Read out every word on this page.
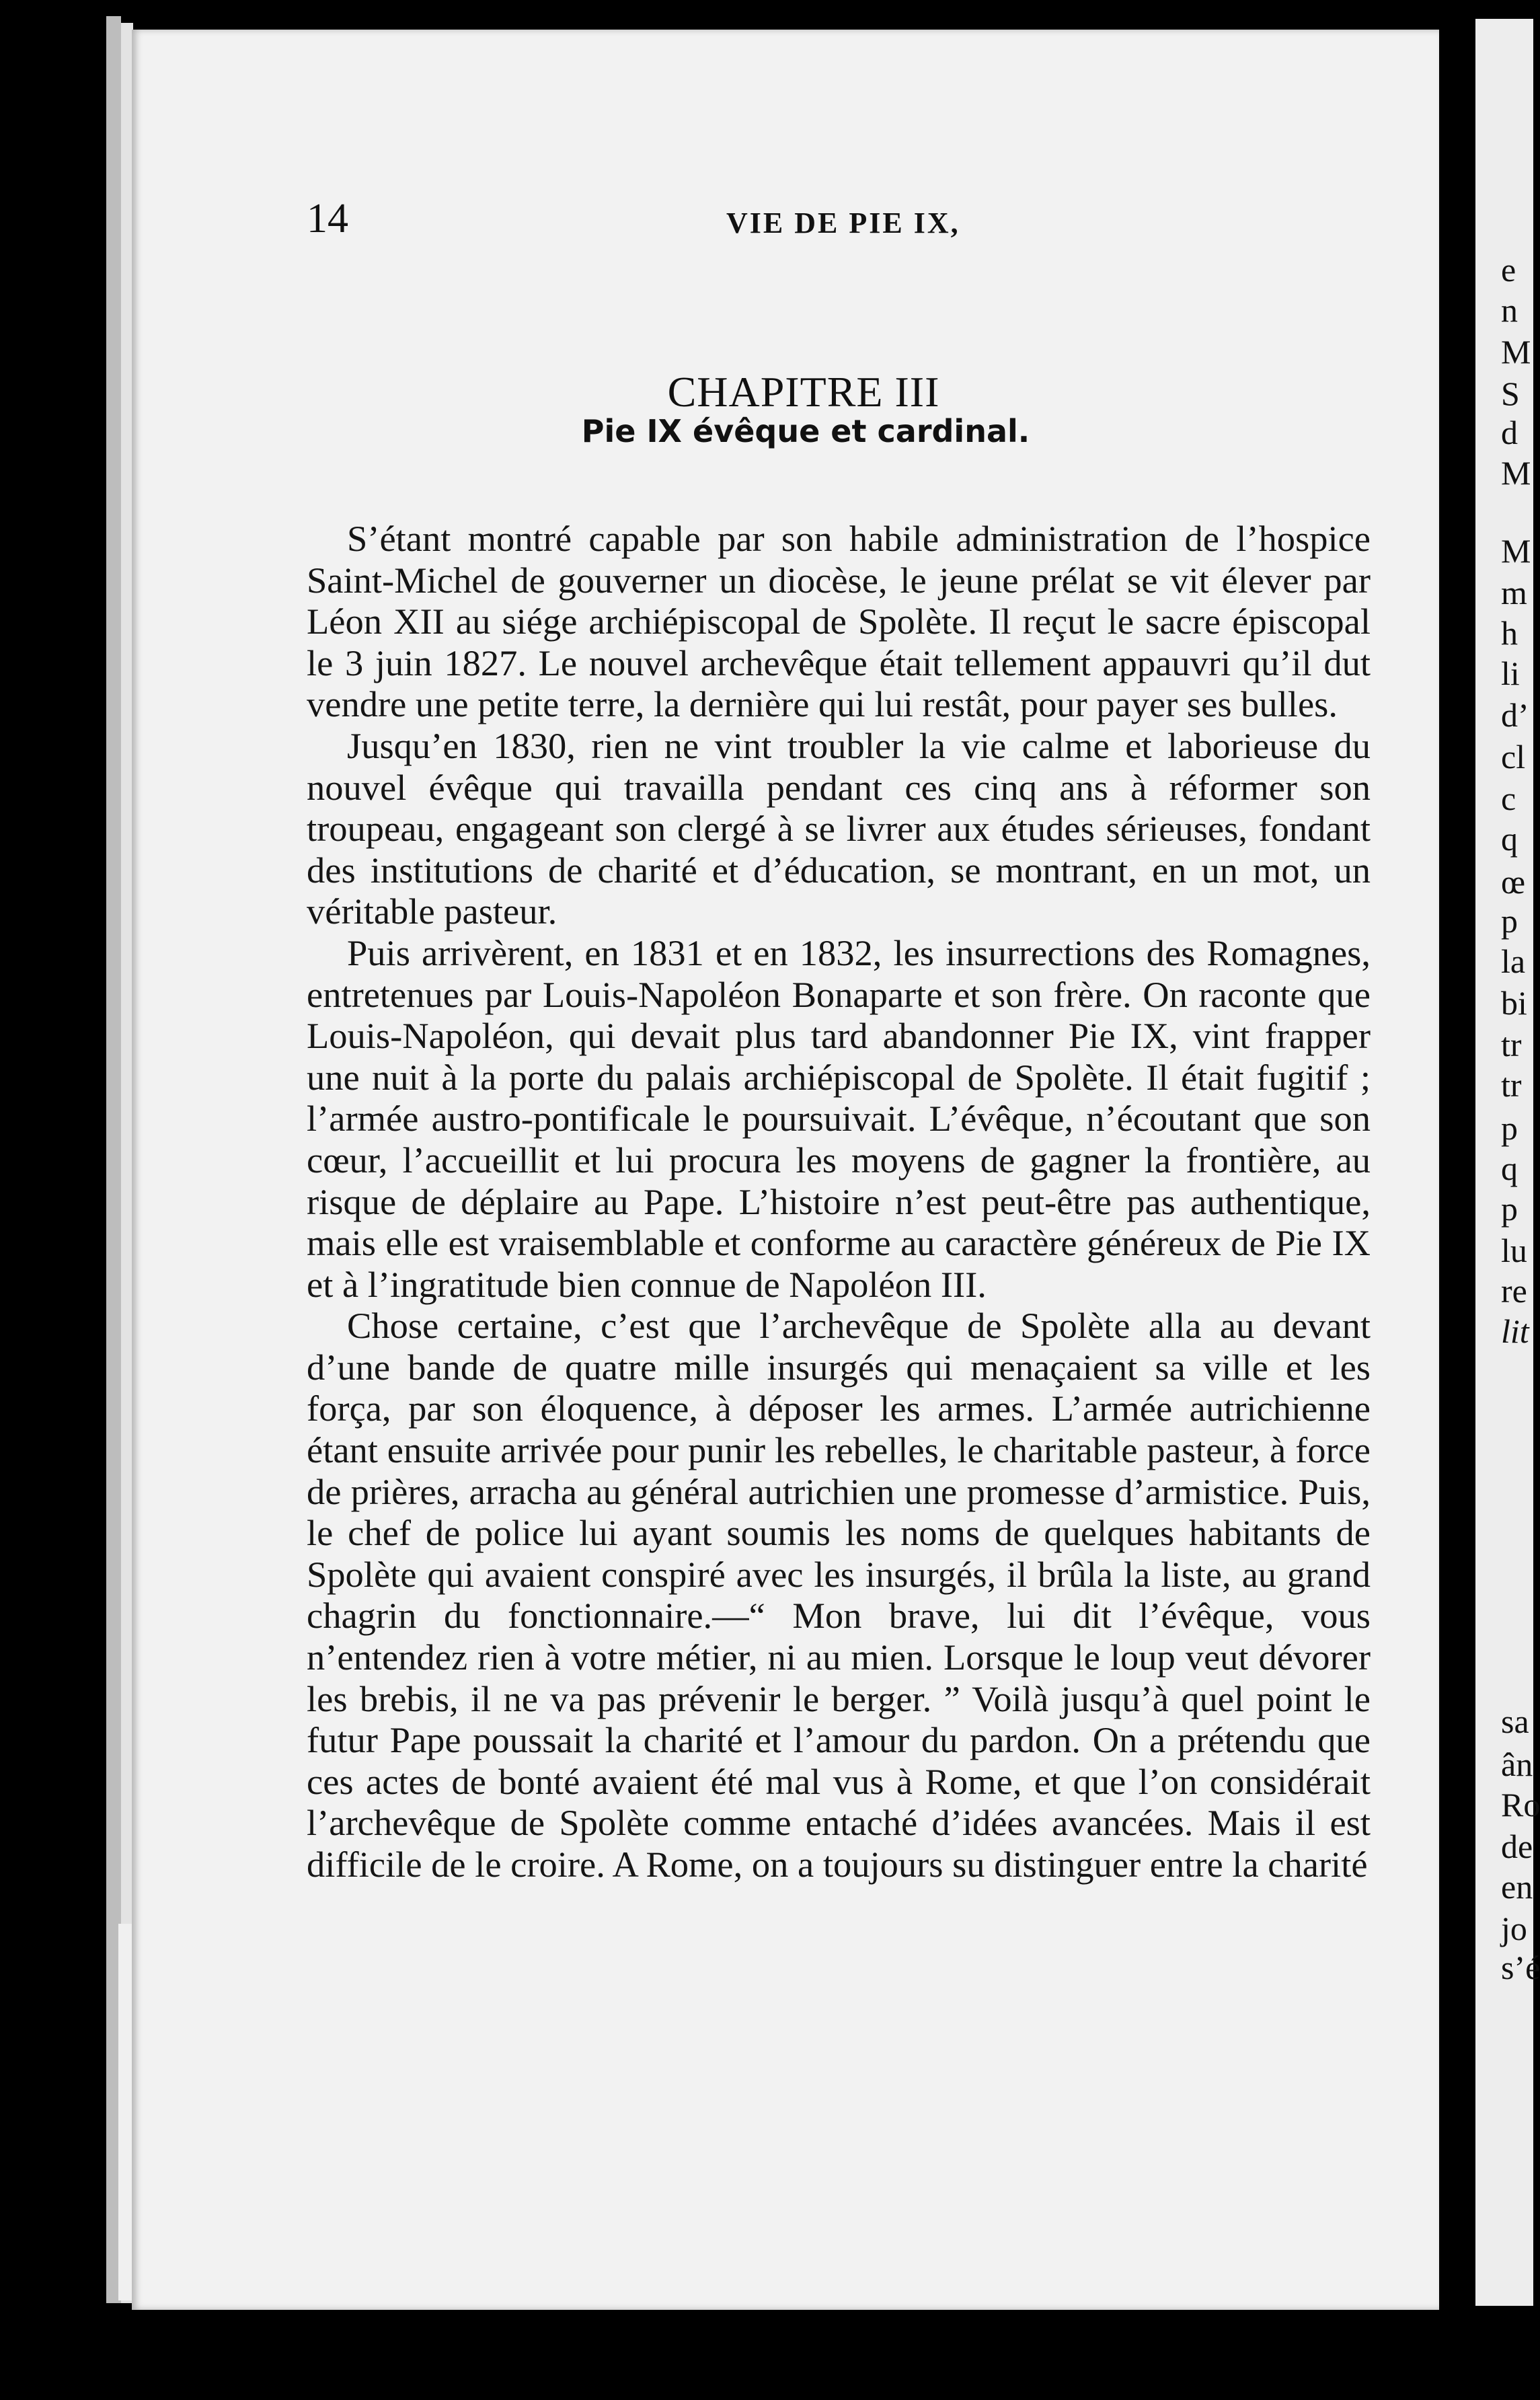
14	VIE DE PIE IX,
CHAPITRE III
Pie IX évêque et cardinal.

S’étant montré capable par son habile administration de l’hospice Saint-Michel de gouverner un diocèse, le jeune prélat se vit élever par Léon XII au siége archiépiscopal de Spolète. Il reçut le sacre épiscopal le 3 juin 1827. Le nouvel archevêque était tellement appauvri qu’il dut vendre une petite terre, la dernière qui lui restât, pour payer ses bulles.

Jusqu’en 1830, rien ne vint troubler la vie calme et laborieuse du nouvel évêque qui travailla pendant ces cinq ans à réformer son troupeau, engageant son clergé à se livrer aux études sérieuses, fondant des institutions de charité et d’éducation, se montrant, en un mot, un véritable pasteur.

Puis arrivèrent, en 1831 et en 1832, les insurrections des Romagnes, entretenues par Louis-Napoléon Bonaparte et son frère. On raconte que Louis-Napoléon, qui devait plus tard abandonner Pie IX, vint frapper une nuit à la porte du palais archiépiscopal de Spolète. Il était fugitif ; l’armée austro-pontificale le poursuivait. L’évêque, n’écoutant que son cœur, l’accueillit et lui procura les moyens de gagner la frontière, au risque de déplaire au Pape. L’histoire n’est peut-être pas authentique, mais elle est vraisemblable et conforme au caractère généreux de Pie IX et à l’ingratitude bien connue de Napoléon III.

Chose certaine, c’est que l’archevêque de Spolète alla au devant d’une bande de quatre mille insurgés qui menaçaient sa ville et les força, par son éloquence, à déposer les armes. L’armée autrichienne étant ensuite arrivée pour punir les rebelles, le charitable pasteur, à force de prières, arracha au général autrichien une promesse d’armistice. Puis, le chef de police lui ayant soumis les noms de quelques habitants de Spolète qui avaient conspiré avec les insurgés, il brûla la liste, au grand chagrin du fonctionnaire.—“ Mon brave, lui dit l’évêque, vous n’entendez rien à votre métier, ni au mien. Lorsque le loup veut dévorer les brebis, il ne va pas prévenir le berger. ” Voilà jusqu’à quel point le futur Pape poussait la charité et l’amour du pardon. On a prétendu que ces actes de bonté avaient été mal vus à Rome, et que l’on considérait l’archevêque de Spolète comme entaché d’idées avancées. Mais il est difficile de le croire. A Rome, on a toujours su distinguer entre la charité

e
n
M
S
d
M
M
m
h
li
d’
cl
c
q
œ
p
la
bi
tr
tr
p
q
p
lu
re
lit
sa
ân
Ro
de
en
jo
s’é
